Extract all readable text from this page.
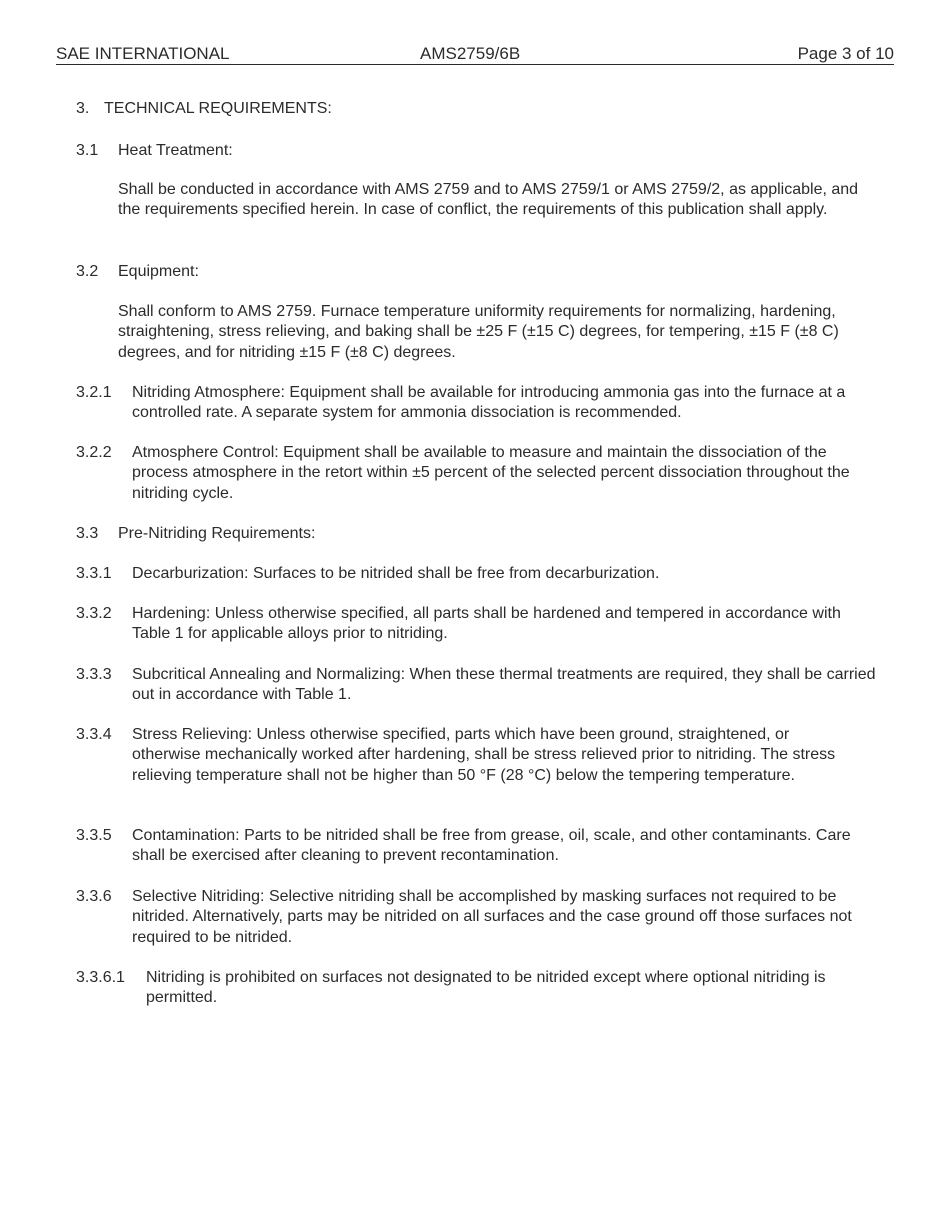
SAE INTERNATIONAL	AMS2759/6B	Page 3 of 10
3. TECHNICAL REQUIREMENTS:
3.1 Heat Treatment:
Shall be conducted in accordance with AMS 2759 and to AMS 2759/1 or AMS 2759/2, as applicable, and the requirements specified herein. In case of conflict, the requirements of this publication shall apply.
3.2 Equipment:
Shall conform to AMS 2759. Furnace temperature uniformity requirements for normalizing, hardening, straightening, stress relieving, and baking shall be ±25 F (±15 C) degrees, for tempering, ±15 F (±8 C) degrees, and for nitriding ±15 F (±8 C) degrees.
3.2.1 Nitriding Atmosphere: Equipment shall be available for introducing ammonia gas into the furnace at a controlled rate. A separate system for ammonia dissociation is recommended.
3.2.2 Atmosphere Control: Equipment shall be available to measure and maintain the dissociation of the process atmosphere in the retort within ±5 percent of the selected percent dissociation throughout the nitriding cycle.
3.3 Pre-Nitriding Requirements:
3.3.1 Decarburization: Surfaces to be nitrided shall be free from decarburization.
3.3.2 Hardening: Unless otherwise specified, all parts shall be hardened and tempered in accordance with Table 1 for applicable alloys prior to nitriding.
3.3.3 Subcritical Annealing and Normalizing: When these thermal treatments are required, they shall be carried out in accordance with Table 1.
3.3.4 Stress Relieving: Unless otherwise specified, parts which have been ground, straightened, or otherwise mechanically worked after hardening, shall be stress relieved prior to nitriding. The stress relieving temperature shall not be higher than 50 °F (28 °C) below the tempering temperature.
3.3.5 Contamination: Parts to be nitrided shall be free from grease, oil, scale, and other contaminants. Care shall be exercised after cleaning to prevent recontamination.
3.3.6 Selective Nitriding: Selective nitriding shall be accomplished by masking surfaces not required to be nitrided. Alternatively, parts may be nitrided on all surfaces and the case ground off those surfaces not required to be nitrided.
3.3.6.1 Nitriding is prohibited on surfaces not designated to be nitrided except where optional nitriding is permitted.
